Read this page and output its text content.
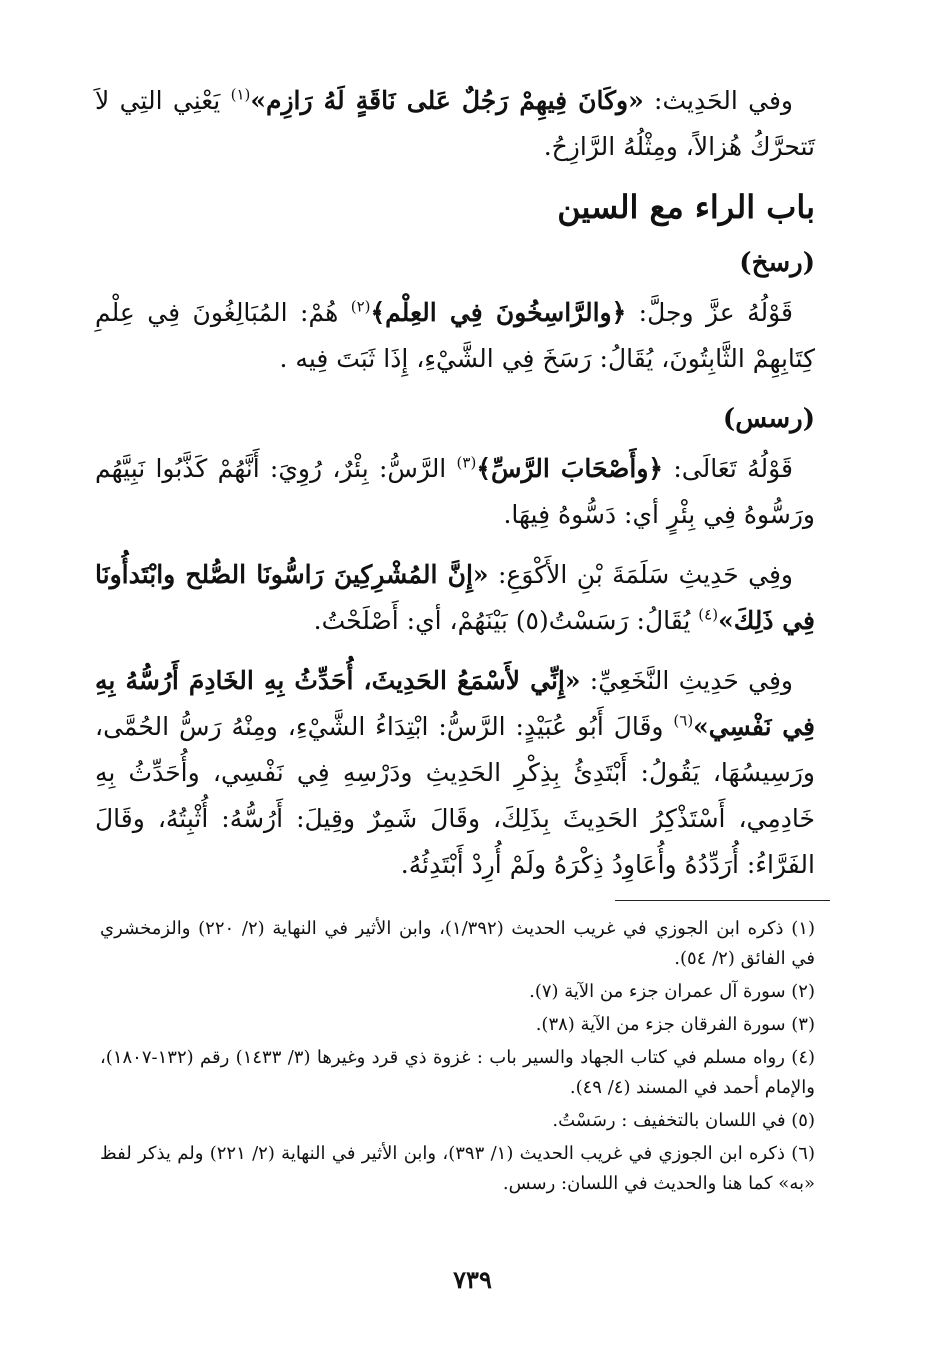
وفي الحَدِيث: «وكَانَ فِيهِمْ رَجُلٌ عَلى نَاقَةٍ لَهُ رَازِم»$^{(١)}$ يَعْنِي التِي لاَ تَتحرَّكُ هُزالاً، ومِثْلُهُ الرَّازِحُ.

باب الراء مع السين
(رسخ)

قَوْلُهُ عزَّ وجلَّ: ﴿والرَّاسِخُونَ فِي العِلْم﴾$^{(٢)}$ هُمْ: المُبَالِغُونَ فِي عِلْمِ كِتَابِهِمْ الثَّابِتُونَ، يُقَالُ: رَسَخَ فِي الشَّيْءِ، إِذَا ثَبَتَ فِيه .

(رسس)

قَوْلُهُ تَعَالَى: ﴿وأَصْحَابَ الرَّسِّ﴾$^{(٣)}$ الرَّسُّ: بِئْرٌ، رُوِيَ: أَنَّهُمْ كَذَّبُوا نَبِيَّهُم ورَسُّوهُ فِي بِئْرٍ أي: دَسُّوهُ فِيهَا.

وفِي حَدِيثِ سَلَمَةَ بْنِ الأَكْوَعِ: «إِنَّ المُشْرِكِينَ رَاسُّونَا الصُّلح وابْتَدأُونَا فِي ذَلِكَ»$^{(٤)}$ يُقَالُ: رَسَسْتُ(٥) بَيْنَهُمْ، أي: أَصْلَحْتُ.

وفِي حَدِيثِ النَّخَعِيِّ: «إِنِّي لأَسْمَعُ الحَدِيثَ، أُحَدِّثُ بِهِ الخَادِمَ أَرُسُّهُ بِهِ فِي نَفْسِي»$^{(٦)}$ وقَالَ أَبُو عُبَيْدٍ: الرَّسُّ: ابْتِدَاءُ الشَّيْءِ، ومِنْهُ رَسُّ الحُمَّى، ورَسِيسُهَا، يَقُولُ: أَبْتَدِئُ بِذِكْرِ الحَدِيثِ ودَرْسِهِ فِي نَفْسِي، وأُحَدِّثُ بِهِ خَادِمِي، أَسْتَذْكِرُ الحَدِيثَ بِذَلِكَ، وقَالَ شَمِرٌ وقِيلَ: أَرُسُّهُ: أُثْبِتُهُ، وقَالَ الفَرَّاءُ: أُرَدِّدُهُ وأُعَاوِدُ ذِكْرَهُ ولَمْ أُرِدْ أَبْتَدِئُهُ.

(١) ذكره ابن الجوزي في غريب الحديث (١/٣٩٢)، وابن الأثير في النهاية (٢/ ٢٢٠) والزمخشري في الفائق (٢/ ٥٤).

(٢) سورة آل عمران جزء من الآية (٧).

(٣) سورة الفرقان جزء من الآية (٣٨).

(٤) رواه مسلم في كتاب الجهاد والسير باب : غزوة ذي قرد وغيرها (٣/ ١٤٣٣) رقم (١٣٢-١٨٠٧)، والإمام أحمد في المسند (٤/ ٤٩).

(٥) في اللسان بالتخفيف : رسَسْتُ.

(٦) ذكره ابن الجوزي في غريب الحديث (١/ ٣٩٣)، وابن الأثير في النهاية (٢/ ٢٢١) ولم يذكر لفظ «به» كما هنا والحديث في اللسان: رسس.

٧٣٩
